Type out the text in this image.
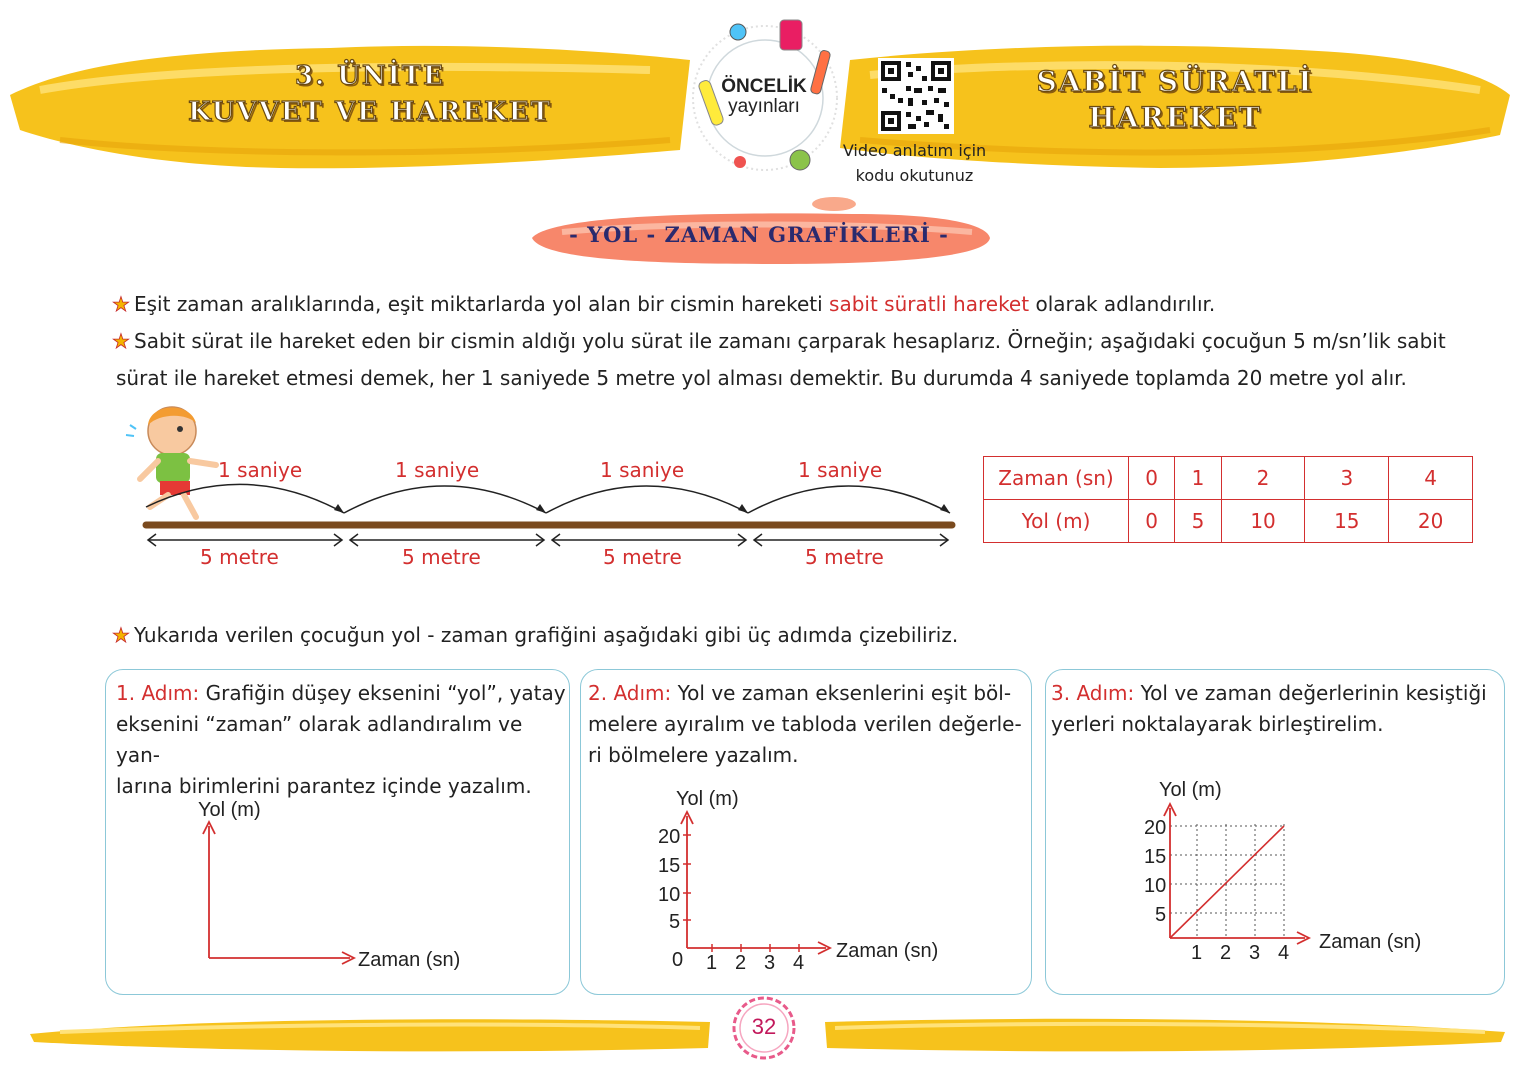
3. ÜNİTE
KUVVET VE HAREKET
SABİT SÜRATLİ
HAREKET
ÖNCELİK
yayınları
Video anlatım için
kodu okutunuz
- YOL - ZAMAN GRAFİKLERİ -
★ Eşit zaman aralıklarında, eşit miktarlarda yol alan bir cismin hareketi sabit süratli hareket olarak adlandırılır.
★ Sabit sürat ile hareket eden bir cismin aldığı yolu sürat ile zamanı çarparak hesaplarız. Örneğin; aşağıdaki çocuğun 5 m/sn’lik sabit
sürat ile hareket etmesi demek, her 1 saniyede 5 metre yol alması demektir. Bu durumda 4 saniyede toplamda 20 metre yol alır.
1 saniye	1 saniye	1 saniye	1 saniye
5 metre	5 metre	5 metre	5 metre
Zaman (sn)	0	1	2	3	4
Yol (m)	0	5	10	15	20
★ Yukarıda verilen çocuğun yol - zaman grafiğini aşağıdaki gibi üç adımda çizebiliriz.
1. Adım: Grafiğin düşey eksenini “yol”, yatay
eksenini “zaman” olarak adlandıralım ve yan-
larına birimlerini parantez içinde yazalım.
2. Adım: Yol ve zaman eksenlerini eşit böl-
melere ayıralım ve tabloda verilen değerle-
ri bölmelere yazalım.
3. Adım: Yol ve zaman değerlerinin kesiştiği
yerleri noktalayarak birleştirelim.
Yol (m)
Zaman (sn)
Yol (m)
Zaman (sn)
0
5
10
15
20
1 2 3 4
Yol (m)
Zaman (sn)
5
10
15
20
1 2 3 4
32
